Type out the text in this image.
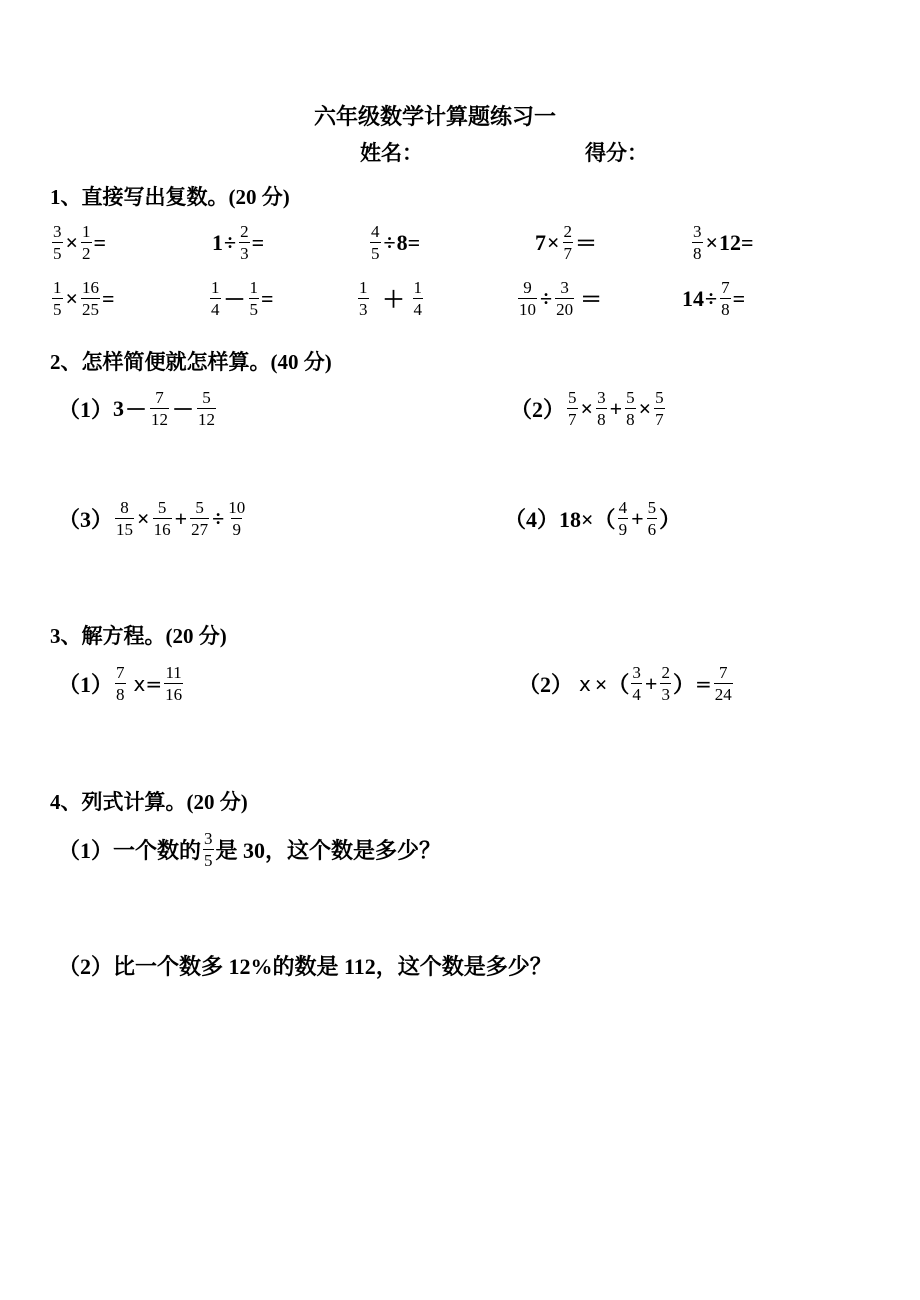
六年级数学计算题练习一
姓名：	得分：
1、直接写出复数。(20 分)
$\frac{3}{5} \times \frac{1}{2}$ =	$1 \div \frac{2}{3}$ =	$\frac{4}{5} \div 8=$	$7 \times \frac{2}{7}$ ＝	$\frac{3}{8} \times 12=$
$\frac{1}{5} \times \frac{16}{25}$ =	$\frac{1}{4} - \frac{1}{5}$ =	$\frac{1}{3} + \frac{1}{4}$	$\frac{9}{10} \div \frac{3}{20}$ ＝	$14 \div \frac{7}{8}$ =
2、怎样简便就怎样算。(40 分)
（1） $3 - \frac{7}{12} - \frac{5}{12}$	$(2) \frac{5}{7} \times \frac{3}{8} + \frac{5}{8} \times \frac{5}{7}$
$(3) \frac{8}{15} \times \frac{5}{16} + \frac{5}{27} \div \frac{10}{9}$	（4） $18\times( \frac{4}{9} + \frac{5}{6}$ ）
3、解方程。(20 分)
$(1) \frac{7}{8}$ $x = \frac{11}{16}$	（2） x ×（ $\frac{3}{4} + \frac{2}{3}$ ） = $\frac{7}{24}$
4、列式计算。(20 分)
（1） 一个数的 $\frac{3}{5}$ 是 30，这个数是多少？
（2）比一个数多 12%的数是 112，这个数是多少？
